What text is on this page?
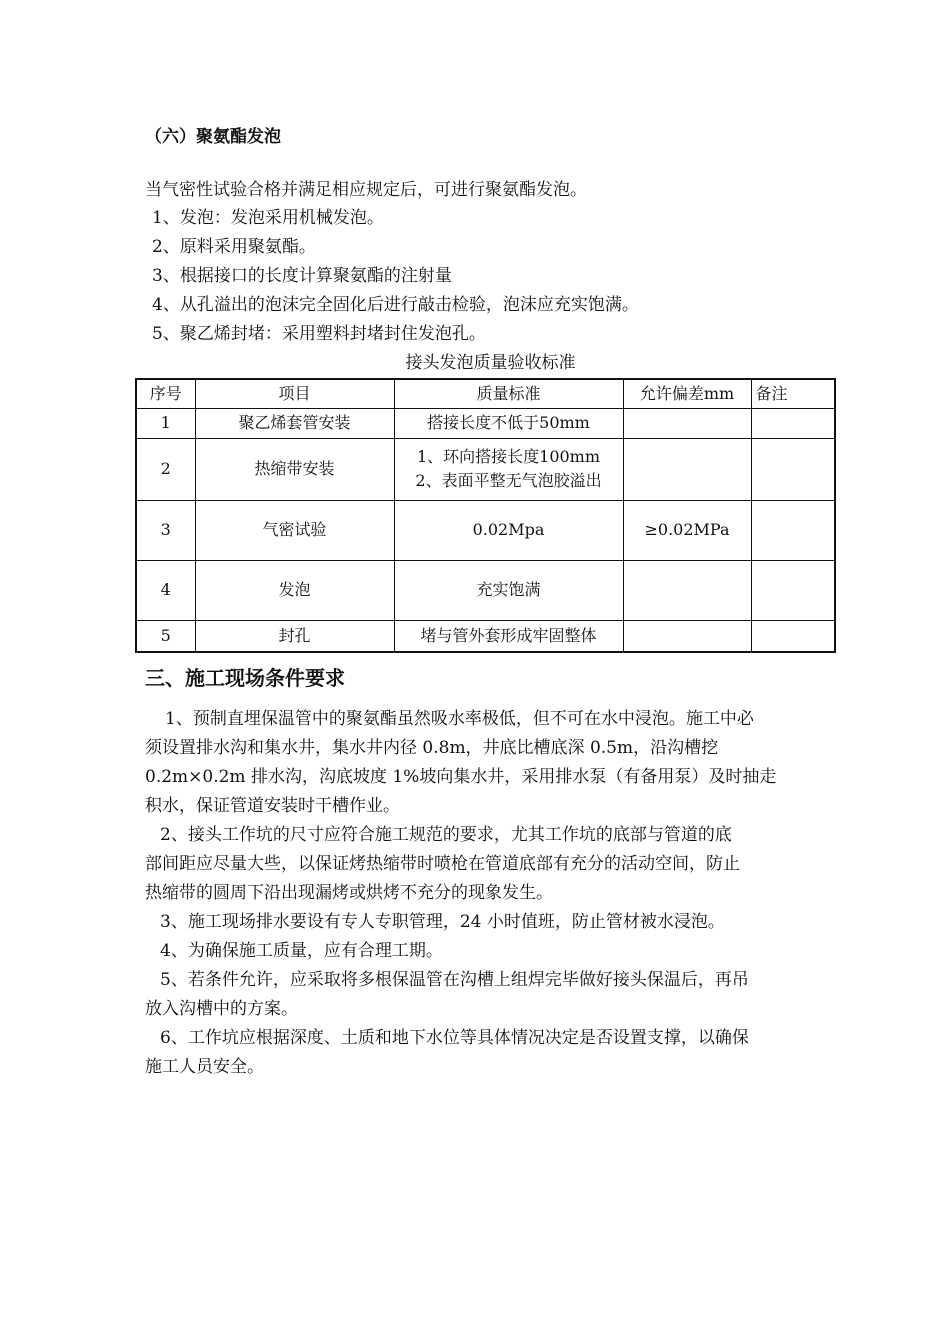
（六）聚氨酯发泡
当气密性试验合格并满足相应规定后，可进行聚氨酯发泡。
1、发泡：发泡采用机械发泡。
2、原料采用聚氨酯。
3、根据接口的长度计算聚氨酯的注射量
4、从孔溢出的泡沫完全固化后进行敲击检验，泡沫应充实饱满。
5、聚乙烯封堵：采用塑料封堵封住发泡孔。
接头发泡质量验收标准
序号	项目	质量标准	允许偏差mm	备注
1	聚乙烯套管安装	搭接长度不低于50mm		
2	热缩带安装	1、环向搭接长度100mm
2、表面平整无气泡胶溢出		

3	气密试验	0.02Mpa	≥0.02MPa	
4	发泡	充实饱满		
5	封孔	堵与管外套形成牢固整体		
三、施工现场条件要求
1、预制直埋保温管中的聚氨酯虽然吸水率极低，但不可在水中浸泡。施工中必
须设置排水沟和集水井，集水井内径 0.8m，井底比槽底深 0.5m，沿沟槽挖
0.2m×0.2m 排水沟，沟底坡度 1%坡向集水井，采用排水泵（有备用泵）及时抽走
积水，保证管道安装时干槽作业。
2、接头工作坑的尺寸应符合施工规范的要求，尤其工作坑的底部与管道的底
部间距应尽量大些，以保证烤热缩带时喷枪在管道底部有充分的活动空间，防止
热缩带的圆周下沿出现漏烤或烘烤不充分的现象发生。
3、施工现场排水要设有专人专职管理，24 小时值班，防止管材被水浸泡。
4、为确保施工质量，应有合理工期。
5、若条件允许，应采取将多根保温管在沟槽上组焊完毕做好接头保温后，再吊
放入沟槽中的方案。
6、工作坑应根据深度、土质和地下水位等具体情况决定是否设置支撑，以确保
施工人员安全。
